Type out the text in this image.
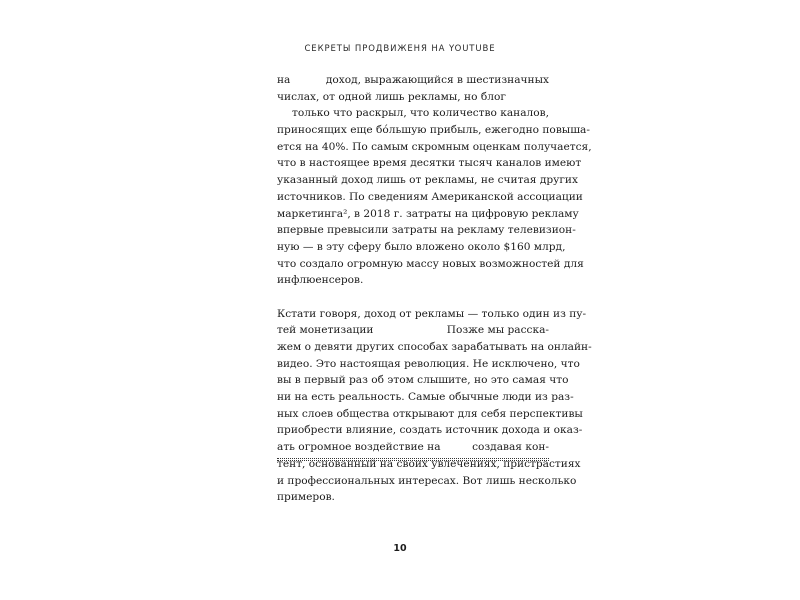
СЕКРЕТЫ ПРОДВИЖЕНЯ НА YOUTUBE
на	доход, выражающийся в шестизначных
числах, от одной лишь рекламы, но блог
только что раскрыл, что количество каналов,
приносящих еще бóльшую прибыль, ежегодно повыша-
ется на 40%. По самым скромным оценкам получается,
что в настоящее время десятки тысяч каналов имеют
указанный доход лишь от рекламы, не считая других
источников. По сведениям Американской ассоциации
маркетинга², в 2018 г. затраты на цифровую рекламу
впервые превысили затраты на рекламу телевизион-
ную — в эту сферу было вложено около $160 млрд,
что создало огромную массу новых возможностей для
инфлюенсеров.
Кстати говоря, доход от рекламы — только один из пу-
тей монетизации	Позже мы расска-
жем о девяти других способах зарабатывать на онлайн-
видео. Это настоящая революция. Не исключено, что
вы в первый раз об этом слышите, но это самая что
ни на есть реальность. Самые обычные люди из раз-
ных слоев общества открывают для себя перспективы
приобрести влияние, создать источник дохода и оказ-
ать огромное воздействие на	создавая кон-
тент, основанный на своих увлечениях, пристрастиях
и профессиональных интересах. Вот лишь несколько
примеров.
10
